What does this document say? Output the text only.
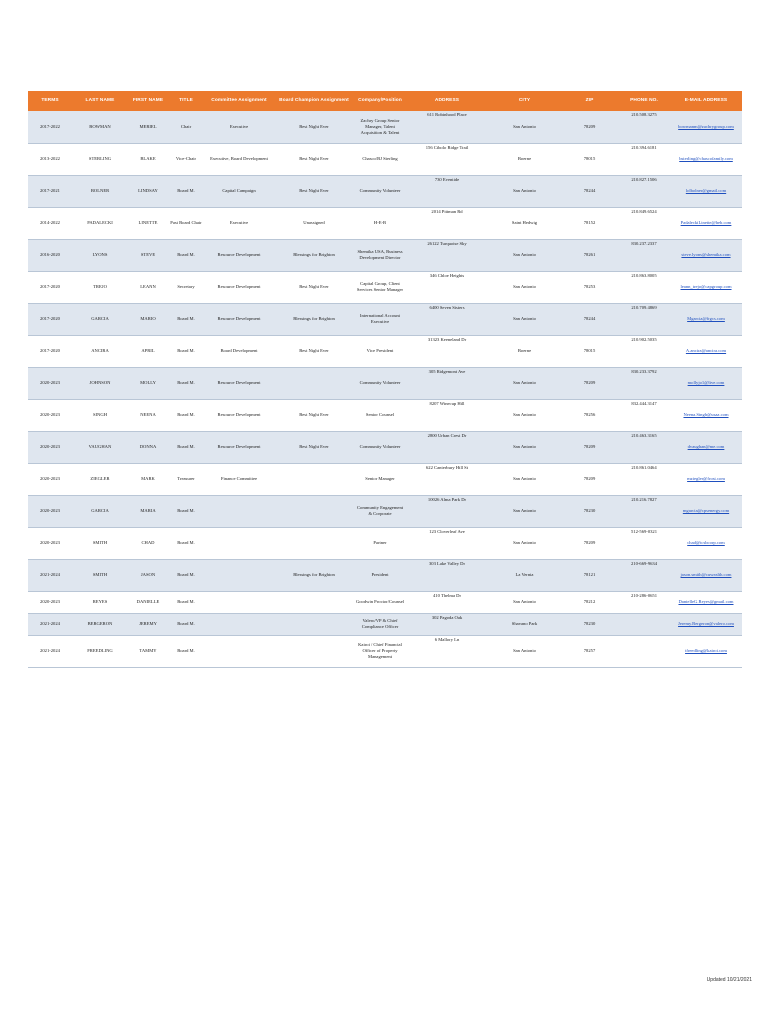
TERMS	LAST NAME	FIRST NAME	TITLE	Committee Assignment	Board Champion Assignment	Company/Position	ADDRESS	CITY	ZIP	PHONE NO.	E-MAIL ADDRESS
2017-2022	BOWMAN	MERIEL	Chair	Executive	Best Night Ever	Zachry Group Senior Manager, Talent Acquisition & Talent	611 Robinhood Place	San Antonio	78209	210.508.3275	bowmanm@zachrygroup.com
2013-2022	STERLING	BLAKE	Vice-Chair	Executive, Board Development	Best Night Ever	Chasco/BJ Sterling	156 Cibolo Ridge Trail	Boerne	78015	210.394.6181	bsterling@chascofamily.com
2017-2021	BOLNER	LINDSAY	Board M.	Capital Campaign	Best Night Ever	Community Volunteer	730 Eventide	San Antonio	78244	210.827.1506	lolbolner@gmail.com
2014-2022	PADALECKI	LINETTE	Past Board Chair	Executive	Unassigned	H-E-B	2014 Pittman Rd	Saint Hedwig	78152	210.849.6524	PadaleckiLinette@heb.com
2016-2020	LYONS	STEVE	Board M.	Resource Development	Blessings for Brighton	Shemika USA, Business Development Director	26122 Turquoise Sky	San Antonio	78261	830.237.2337	steve.lyons@shemika.com
2017-2020	TREJO	LEANN	Secretary	Resource Development	Best Night Ever	Capital Group, Client Services Senior Manager	346 Chloe Heights	San Antonio	78253	210.863.8005	leann_trejo@capgroup.com
2017-2020	GARCIA	MARIO	Board M.	Resource Development	Blessings for Brighton	International Account Executive	6400 Seven Sisters	San Antonio	78244	210.709.4869	Mgarcia@frgcs.com
2017-2020	ANCIRA	APRIL	Board M.	Board Development	Best Night Ever	Vice President	31323 Keeneland Dr	Boerne	78015	210.902.5035	A.ancira@ancira.com
2020-2023	JOHNSON	MOLLY	Board M.	Resource Development		Community Volunteer	305 Ridgemont Ave	San Antonio	78209	830.233.3792	mollyjo1@live.com
2020-2023	SINGH	NEENA	Board M.	Resource Development	Best Night Ever	Senior Counsel	8207 Winecup Hill	San Antonio	78256	832.444.3147	Neena.Singh@usaa.com
2020-2023	VAUGHAN	DONNA	Board M.	Resource Development	Best Night Ever	Community Volunteer	2800 Urban Crest Dr	San Antonio	78209	210.463.3165	dvaughan@me.com
2020-2023	ZIEGLER	MARK	Treasurer	Finance Committee		Senior Manager	622 Canterbury Hill St	San Antonio	78209	210.861.0464	mziegler@frost.com
2020-2023	GARCIA	MARIA	Board M.			Community Engagement & Corporate	10026 Alma Park Dr	San Antonio	78230	210.216.7827	mgarcia@cpsenergy.com
2020-2023	SMITH	CHAD	Board M.			Partner	123 Cloverleaf Ave	San Antonio	78209	512-569-0321	chad@tcsbcorp.com
2021-2024	SMITH	JASON	Board M.		Blessings for Brighton	President	303 Lake Valley Dr	La Vernia	78121	210-669-9634	jason.smith@cuwealth.com
2020-2023	REYES	DANIELLE	Board M.			Goodwin Proctor/Counsel	410 Thelma Dr	San Antonio	78212	210-286-0651	DanielleG.Reyes@gmail.com
2021-2024	BERGERON	JEREMY	Board M.			Valero/VP & Chief Compliance Officer	302 Pagoda Oak	Shavano Park	78230		Jeremy.Bergeron@valero.com
2021-2024	FREEDLING	TAMMY	Board M.			Kairoi / Chief Financial Officer of Property Management	6 Mallory Ln	San Antonio	78257		tfreedling@kairoi.com
Updated 10/21/2021
